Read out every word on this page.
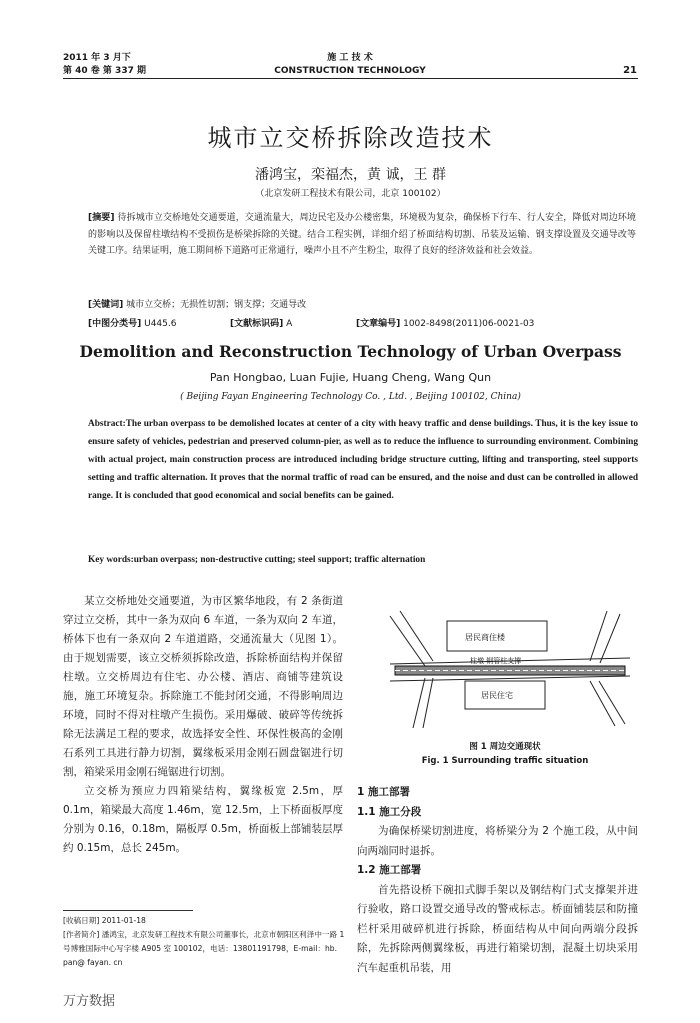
2011 年 3 月下
第 40 卷 第 337 期
施 工 技 术
CONSTRUCTION TECHNOLOGY	21
城市立交桥拆除改造技术
潘鸿宝，栾福杰，黄 诚，王 群
（北京发研工程技术有限公司，北京 100102）
[摘要] 待拆城市立交桥地处交通要道，交通流量大，周边民宅及办公楼密集，环境极为复杂，确保桥下行车、行人安全，降低对周边环境的影响以及保留柱墩结构不受损伤是桥梁拆除的关键。结合工程实例，详细介绍了桥面结构切割、吊装及运输、钢支撑设置及交通导改等关键工序。结果证明，施工期间桥下道路可正常通行，噪声小且不产生粉尘，取得了良好的经济效益和社会效益。
[关键词] 城市立交桥；无损性切割；钢支撑；交通导改
[中图分类号] U445.6	[文献标识码] A	[文章编号] 1002-8498(2011)06-0021-03
Demolition and Reconstruction Technology of Urban Overpass
Pan Hongbao, Luan Fujie, Huang Cheng, Wang Qun
( Beijing Fayan Engineering Technology Co. , Ltd. , Beijing 100102, China)
Abstract:The urban overpass to be demolished locates at center of a city with heavy traffic and dense buildings. Thus, it is the key issue to ensure safety of vehicles, pedestrian and preserved column-pier, as well as to reduce the influence to surrounding environment. Combining with actual project, main construction process are introduced including bridge structure cutting, lifting and transporting, steel supports setting and traffic alternation. It proves that the normal traffic of road can be ensured, and the noise and dust can be controlled in allowed range. It is concluded that good economical and social benefits can be gained.
Key words:urban overpass; non-destructive cutting; steel support; traffic alternation

某立交桥地处交通要道，为市区繁华地段，有 2 条街道穿过立交桥，其中一条为双向 6 车道，一条为双向 2 车道，桥体下也有一条双向 2 车道道路，交通流量大（见图 1）。由于规划需要，该立交桥须拆除改造，拆除桥面结构并保留柱墩。立交桥周边有住宅、办公楼、酒店、商铺等建筑设施，施工环境复杂。拆除施工不能封闭交通，不得影响周边环境，同时不得对柱墩产生损伤。采用爆破、破碎等传统拆除无法满足工程的要求，故选择安全性、环保性极高的金刚石系列工具进行静力切割，翼缘板采用金刚石圆盘锯进行切割，箱梁采用金刚石绳锯进行切割。

立交桥为预应力四箱梁结构，翼缘板宽 2.5m，厚 0.1m，箱梁最大高度 1.46m，宽 12.5m，上下桥面板厚度分别为 0.16，0.18m，隔板厚 0.5m，桥面板上部铺装层厚约 0.15m，总长 245m。

[收稿日期] 2011-01-18
[作者简介] 潘鸿宝，北京发研工程技术有限公司董事长，北京市朝阳区利泽中一路 1 号博雅国际中心写字楼 A905 室 100102，电话：13801191798，E-mail：hb. pan@ fayan. cn
居民商住楼
柱墩 钢管柱支撑
居民住宅
图 1 周边交通现状
Fig. 1 Surrounding traffic situation
1 施工部署
1.1 施工分段

为确保桥梁切割进度，将桥梁分为 2 个施工段，从中间向两端同时退拆。

1.2 施工部署

首先搭设桥下碗扣式脚手架以及钢结构门式支撑架并进行验收，路口设置交通导改的警戒标志。桥面铺装层和防撞栏杆采用破碎机进行拆除，桥面结构从中间向两端分段拆除，先拆除两侧翼缘板，再进行箱梁切割，混凝土切块采用汽车起重机吊装，用

万方数据
